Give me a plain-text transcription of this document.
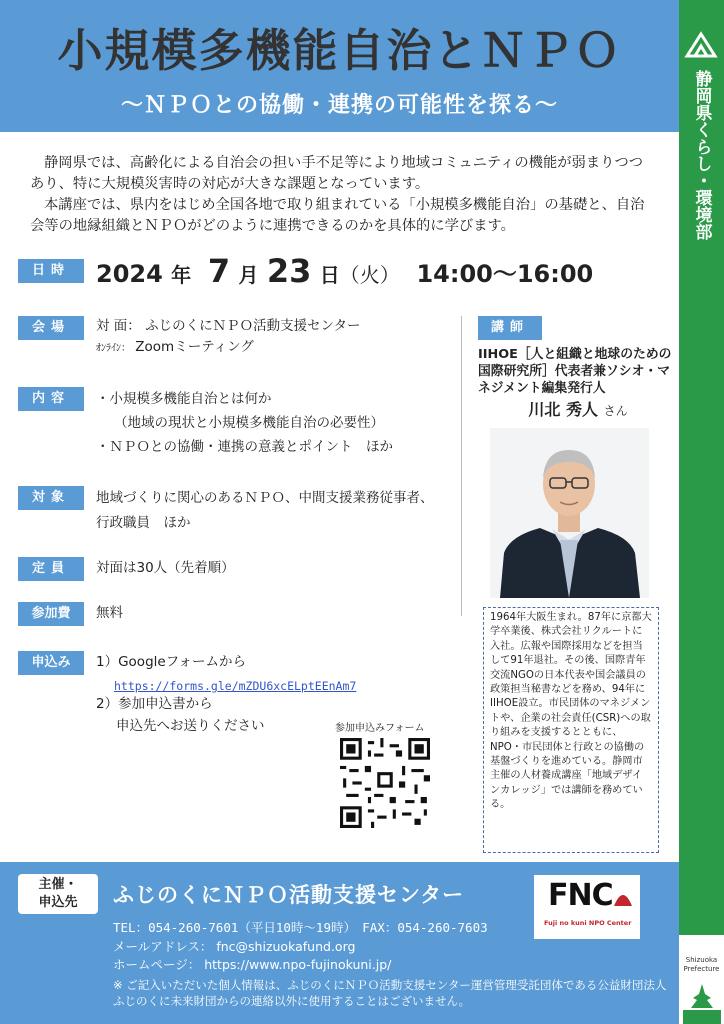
小規模多機能自治とＮＰＯ
〜ＮＰＯとの協働・連携の可能性を探る〜	静岡県くらし・環境部
Shizuoka
Prefecture

静岡県では、高齢化による自治会の担い手不足等により地域コミュニティの機能が弱まりつつあり、特に大規模災害時の対応が大きな課題となっています。

本講座では、県内をはじめ全国各地で取り組まれている「小規模多機能自治」の基礎と、自治会等の地縁組織とＮＰＯがどのように連携できるのかを具体的に学びます。

日時	2024 年 7 月 23 日（火） 14:00〜16:00
会場	対 面： ふじのくにＮＰＯ活動支援センター
ｵﾝﾗｲﾝ： Zoomミーティング
内容	・小規模多機能自治とは何か
（地域の現状と小規模多機能自治の必要性）
・ＮＰＯとの協働・連携の意義とポイント　ほか
対象	地域づくりに関心のあるＮＰＯ、中間支援業務従事者、
行政職員　ほか
定員	対面は30人（先着順）
参加費	無料
申込み	1）Googleフォームから
https://forms.gle/mZDU6xcELptEEnAm7
2）参加申込書から
申込先へお送りください	参加申込みフォーム
講師
IIHOE［人と組織と地球のための国際研究所］代表者兼ソシオ・マネジメント編集発行人
川北 秀人 さん
1964年大阪生まれ。87年に京都大学卒業後、株式会社リクルートに入社。広報や国際採用などを担当して91年退社。その後、国際青年交流NGOの日本代表や国会議員の政策担当秘書などを務め、94年にIIHOE設立。市民団体のマネジメントや、企業の社会責任(CSR)への取り組みを支援するとともに、NPO・市民団体と行政との協働の基盤づくりを進めている。静岡市主催の人材養成講座「地域デザインカレッジ」では講師を務めている。
主催・
申込先	ふじのくにＮＰＯ活動支援センター
TEL：054-260-7601（平日10時〜19時）　FAX：054-260-7603
メールアドレス： fnc@shizuokafund.org
ホームページ： https://www.npo-fujinokuni.jp/
※ ご記入いただいた個人情報は、ふじのくにＮＰＯ活動支援センター運営管理受託団体である公益財団法人ふじのくに未来財団からの連絡以外に使用することはございません。
FNC
Fuji no kuni NPO Center
